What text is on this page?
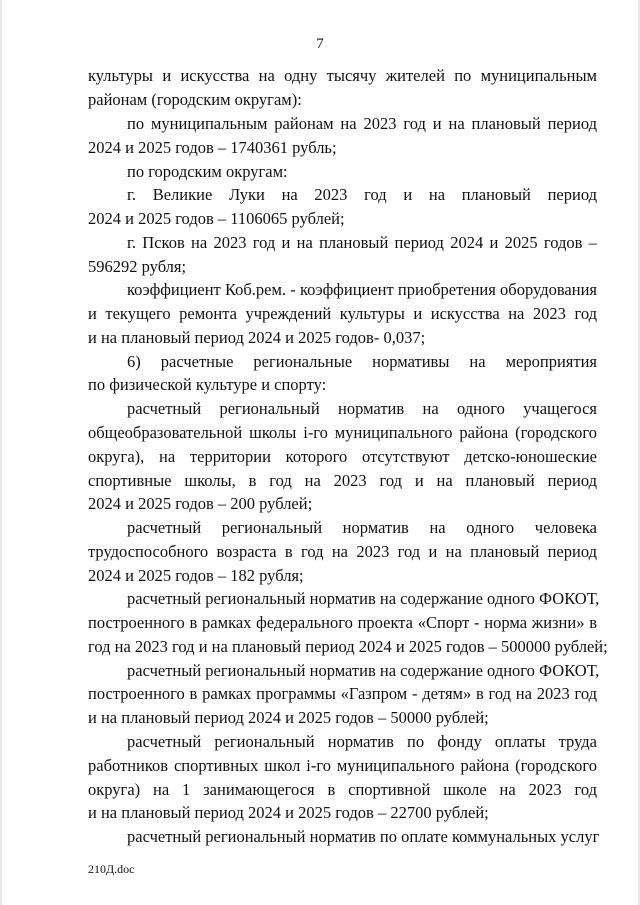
7
культуры и искусства на одну тысячу жителей по муниципальным
районам (городским округам):
по муниципальным районам на 2023 год и на плановый период
2024 и 2025 годов – 1740361 рубль;
по городским округам:
г. Великие Луки на 2023 год и на плановый период
2024 и 2025 годов – 1106065 рублей;
г. Псков на 2023 год и на плановый период 2024 и 2025 годов –
596292 рубля;
коэффициент Коб.рем. - коэффициент приобретения оборудования
и текущего ремонта учреждений культуры и искусства на 2023 год
и на плановый период 2024 и 2025 годов- 0,037;
6) расчетные региональные нормативы на мероприятия
по физической культуре и спорту:
расчетный региональный норматив на одного учащегося
общеобразовательной школы i-го муниципального района (городского
округа), на территории которого отсутствуют детско-юношеские
спортивные школы, в год на 2023 год и на плановый период
2024 и 2025 годов – 200 рублей;
расчетный региональный норматив на одного человека
трудоспособного возраста в год на 2023 год и на плановый период
2024 и 2025 годов – 182 рубля;
расчетный региональный норматив на содержание одного ФОКОТ,
построенного в рамках федерального проекта «Спорт - норма жизни» в
год на 2023 год и на плановый период 2024 и 2025 годов – 500000 рублей;
расчетный региональный норматив на содержание одного ФОКОТ,
построенного в рамках программы «Газпром - детям» в год на 2023 год
и на плановый период 2024 и 2025 годов – 50000 рублей;
расчетный региональный норматив по фонду оплаты труда
работников спортивных школ i-го муниципального района (городского
округа) на 1 занимающегося в спортивной школе на 2023 год
и на плановый период 2024 и 2025 годов – 22700 рублей;
расчетный региональный норматив по оплате коммунальных услуг
210Д.doc
